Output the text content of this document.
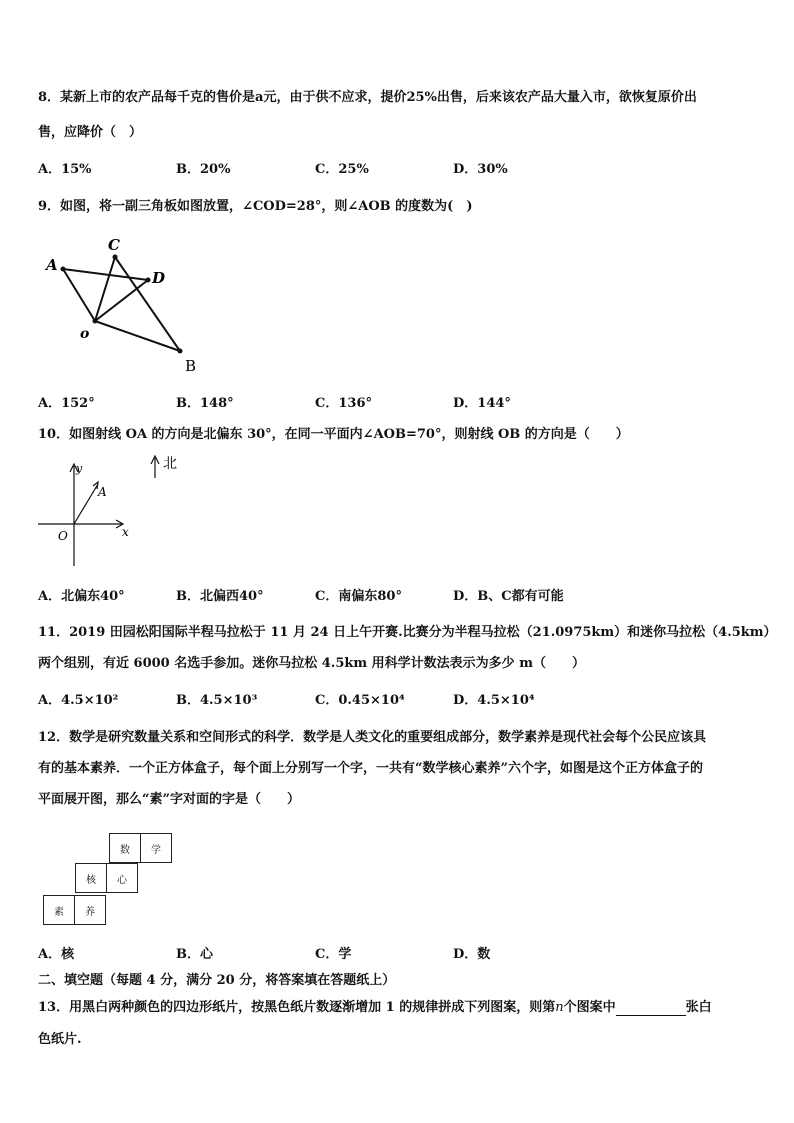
8．某新上市的农产品每千克的售价是a元，由于供不应求，提价25%出售，后来该农产品大量入市，欲恢复原价出
售，应降价（　）
A．15%	B．20%	C．25%	D．30%
9．如图，将一副三角板如图放置，∠COD=28°，则∠AOB 的度数为(　)
A
C
D
o
B
A．152°	B．148°	C．136°	D．144°
10．如图射线 OA 的方向是北偏东 30°，在同一平面内∠AOB=70°，则射线 OB 的方向是（　　）
北
y
x
O
A
A．北偏东40°	B．北偏西40°	C．南偏东80°	D．B、C都有可能
11．2019 田园松阳国际半程马拉松于 11 月 24 日上午开赛.比赛分为半程马拉松（21.0975km）和迷你马拉松（4.5km）
两个组别，有近 6000 名选手参加。迷你马拉松 4.5km 用科学计数法表示为多少 m（　　）
A．4.5×10²	B．4.5×10³	C．0.45×10⁴	D．4.5×10⁴
12．数学是研究数量关系和空间形式的科学．数学是人类文化的重要组成部分，数学素养是现代社会每个公民应该具
有的基本素养．一个正方体盒子，每个面上分别写一个字，一共有“数学核心素养”六个字，如图是这个正方体盒子的
平面展开图，那么“素”字对面的字是（　　）
数	学
核	心
素	养
A．核	B．心	C．学	D．数
二、填空题（每题 4 分，满分 20 分，将答案填在答题纸上）
13．用黑白两种颜色的四边形纸片，按黑色纸片数逐渐增加 1 的规律拼成下列图案，则第n个图案中	张白
色纸片.
